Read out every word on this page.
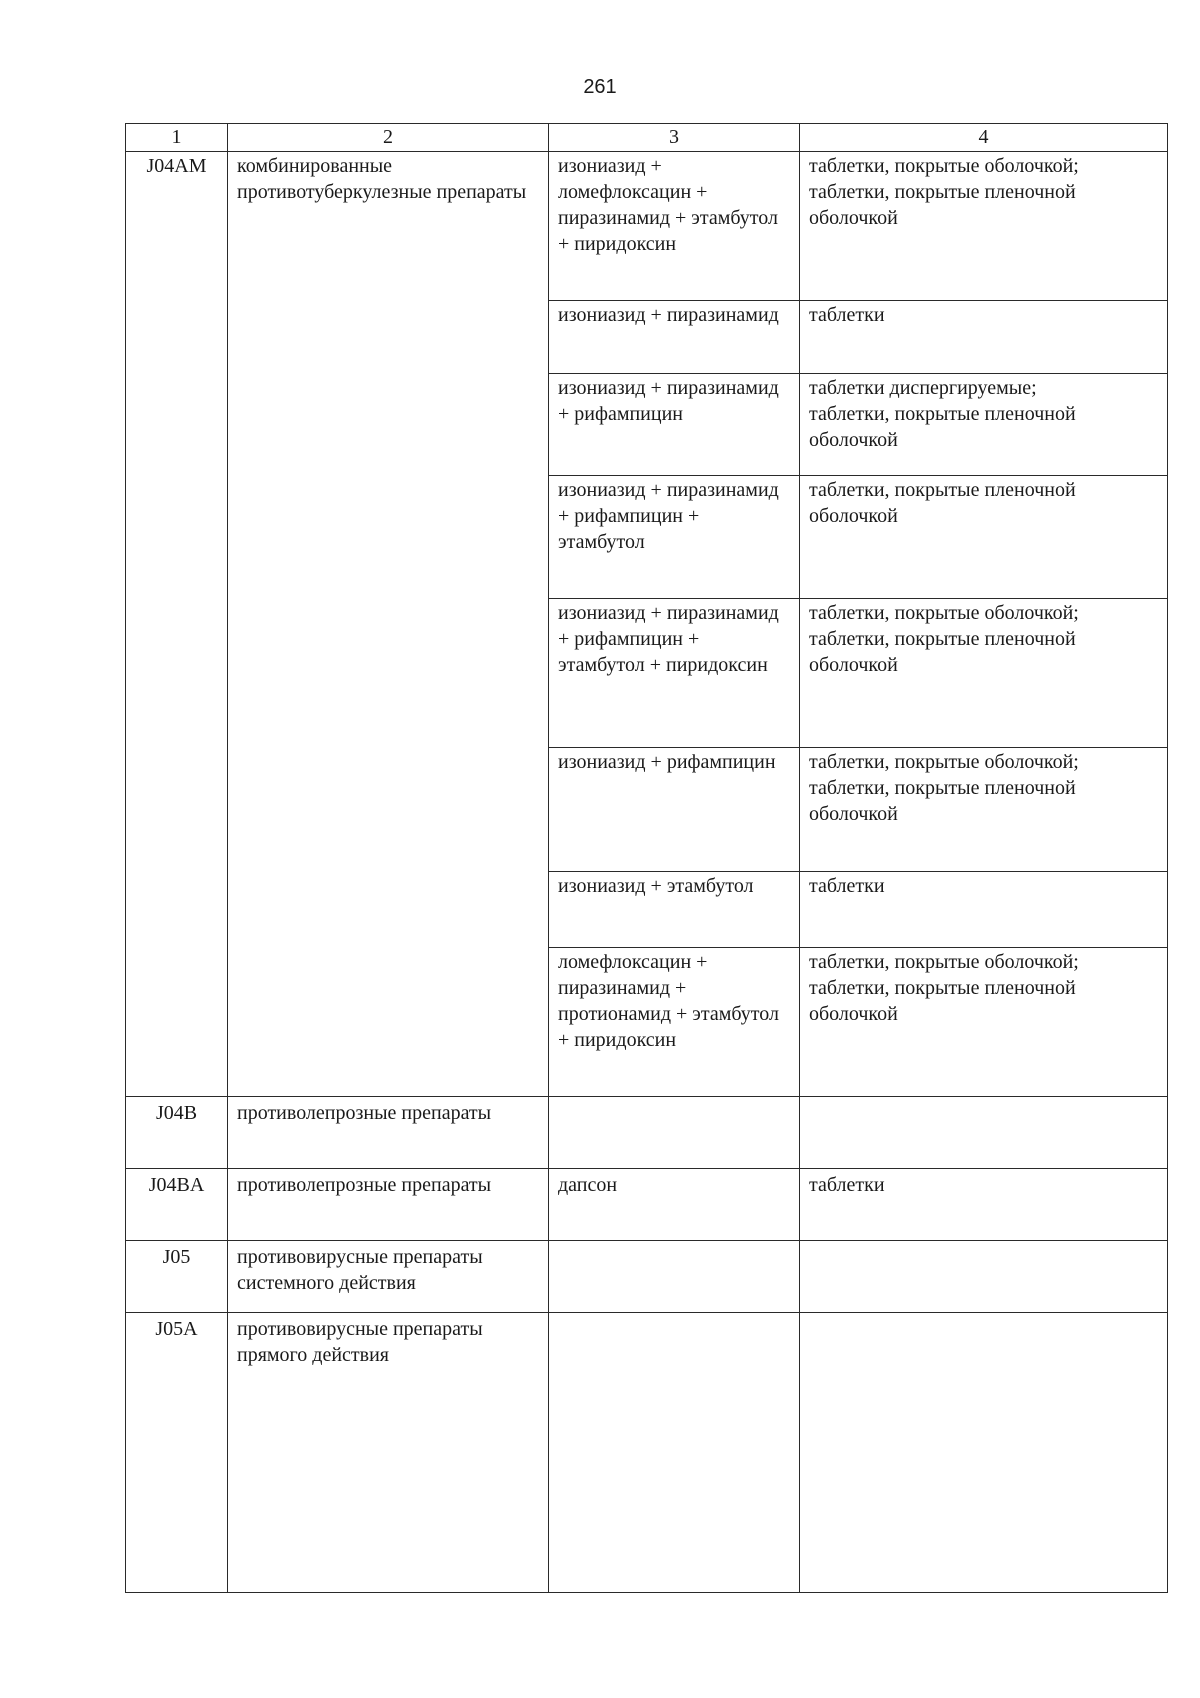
261
1	2	3	4
J04AM	комбинированные противотуберкулезные препараты	изониазид + ломефлоксацин + пиразинамид + этамбутол + пиридоксин	таблетки, покрытые оболочкой;
таблетки, покрытые пленочной оболочкой

		изониазид + пиразинамид	таблетки

		изониазид + пиразинамид + рифампицин	таблетки диспергируемые;
таблетки, покрытые пленочной оболочкой

		изониазид + пиразинамид + рифампицин + этамбутол	таблетки, покрытые пленочной оболочкой

		изониазид + пиразинамид + рифампицин + этамбутол + пиридоксин	таблетки, покрытые оболочкой;
таблетки, покрытые пленочной оболочкой

		изониазид + рифампицин	таблетки, покрытые оболочкой;
таблетки, покрытые пленочной оболочкой

		изониазид + этамбутол	таблетки

		ломефлоксацин + пиразинамид + протионамид + этамбутол + пиридоксин	таблетки, покрытые оболочкой;
таблетки, покрытые пленочной оболочкой

J04B	противолепрозные препараты		
J04BA	противолепрозные препараты	дапсон	таблетки
J05	противовирусные препараты системного действия		
J05A	противовирусные препараты прямого действия		
